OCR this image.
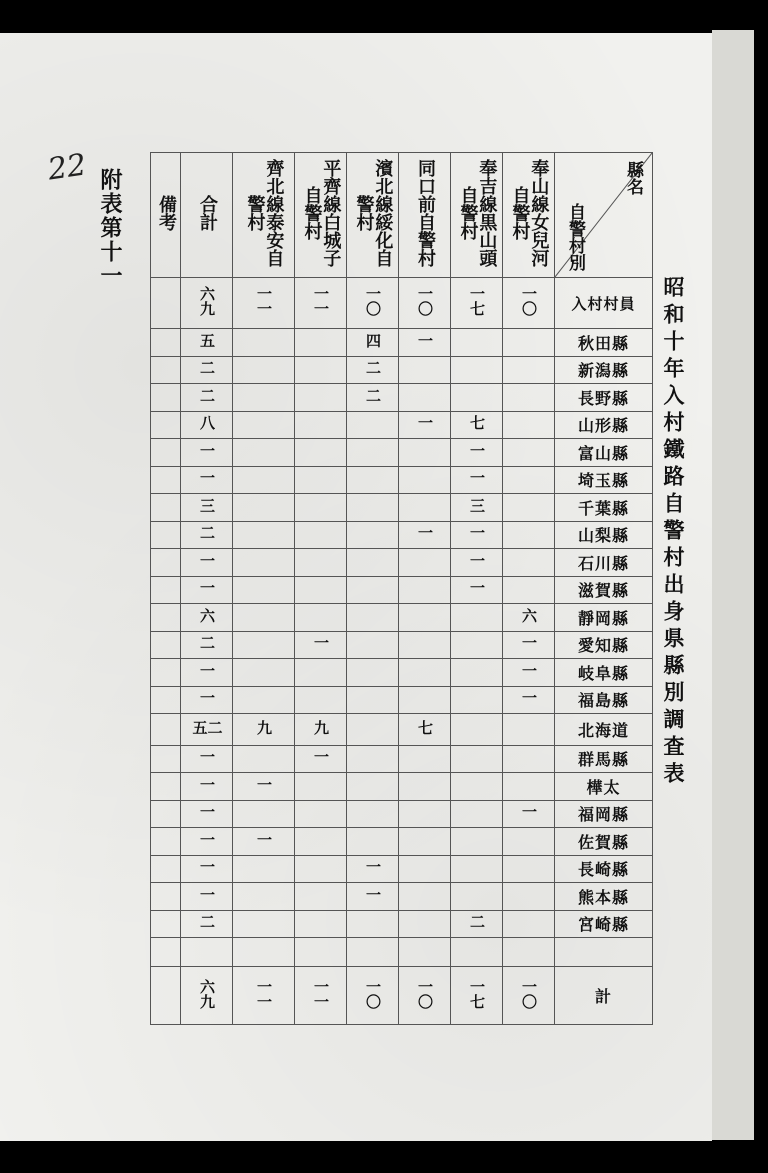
22
附表第十一
昭和十年入村鐵路自警村出身県縣別調査表
備考	合計	齊北線泰安自警村	平齊線白城子自警村	濱北線綏化自警村	同口前自警村	奉吉線黒山頭自警村	奉山線女兒河自警村	縣名
自警村別

	六九	一一	一一	一〇	一〇	一七	一〇	入村村員
	五			四	一			秋田縣
	二			二				新潟縣
	二			二				長野縣
	八				一	七		山形縣
	一					一		富山縣
	一					一		埼玉縣
	三					三		千葉縣
	二				一	一		山梨縣
	一					一		石川縣
	一					一		滋賀縣
	六						六	靜岡縣
	二		一				一	愛知縣
	一						一	岐阜縣
	一						一	福島縣
	二五	九	九		七			北海道
	一		一					群馬縣
	一	一						樺太
	一						一	福岡縣
	一	一						佐賀縣
	一			一				長崎縣
	一			一				熊本縣
	二					二		宮崎縣

	六九	一一	一一	一〇	一〇	一七	一〇	計
